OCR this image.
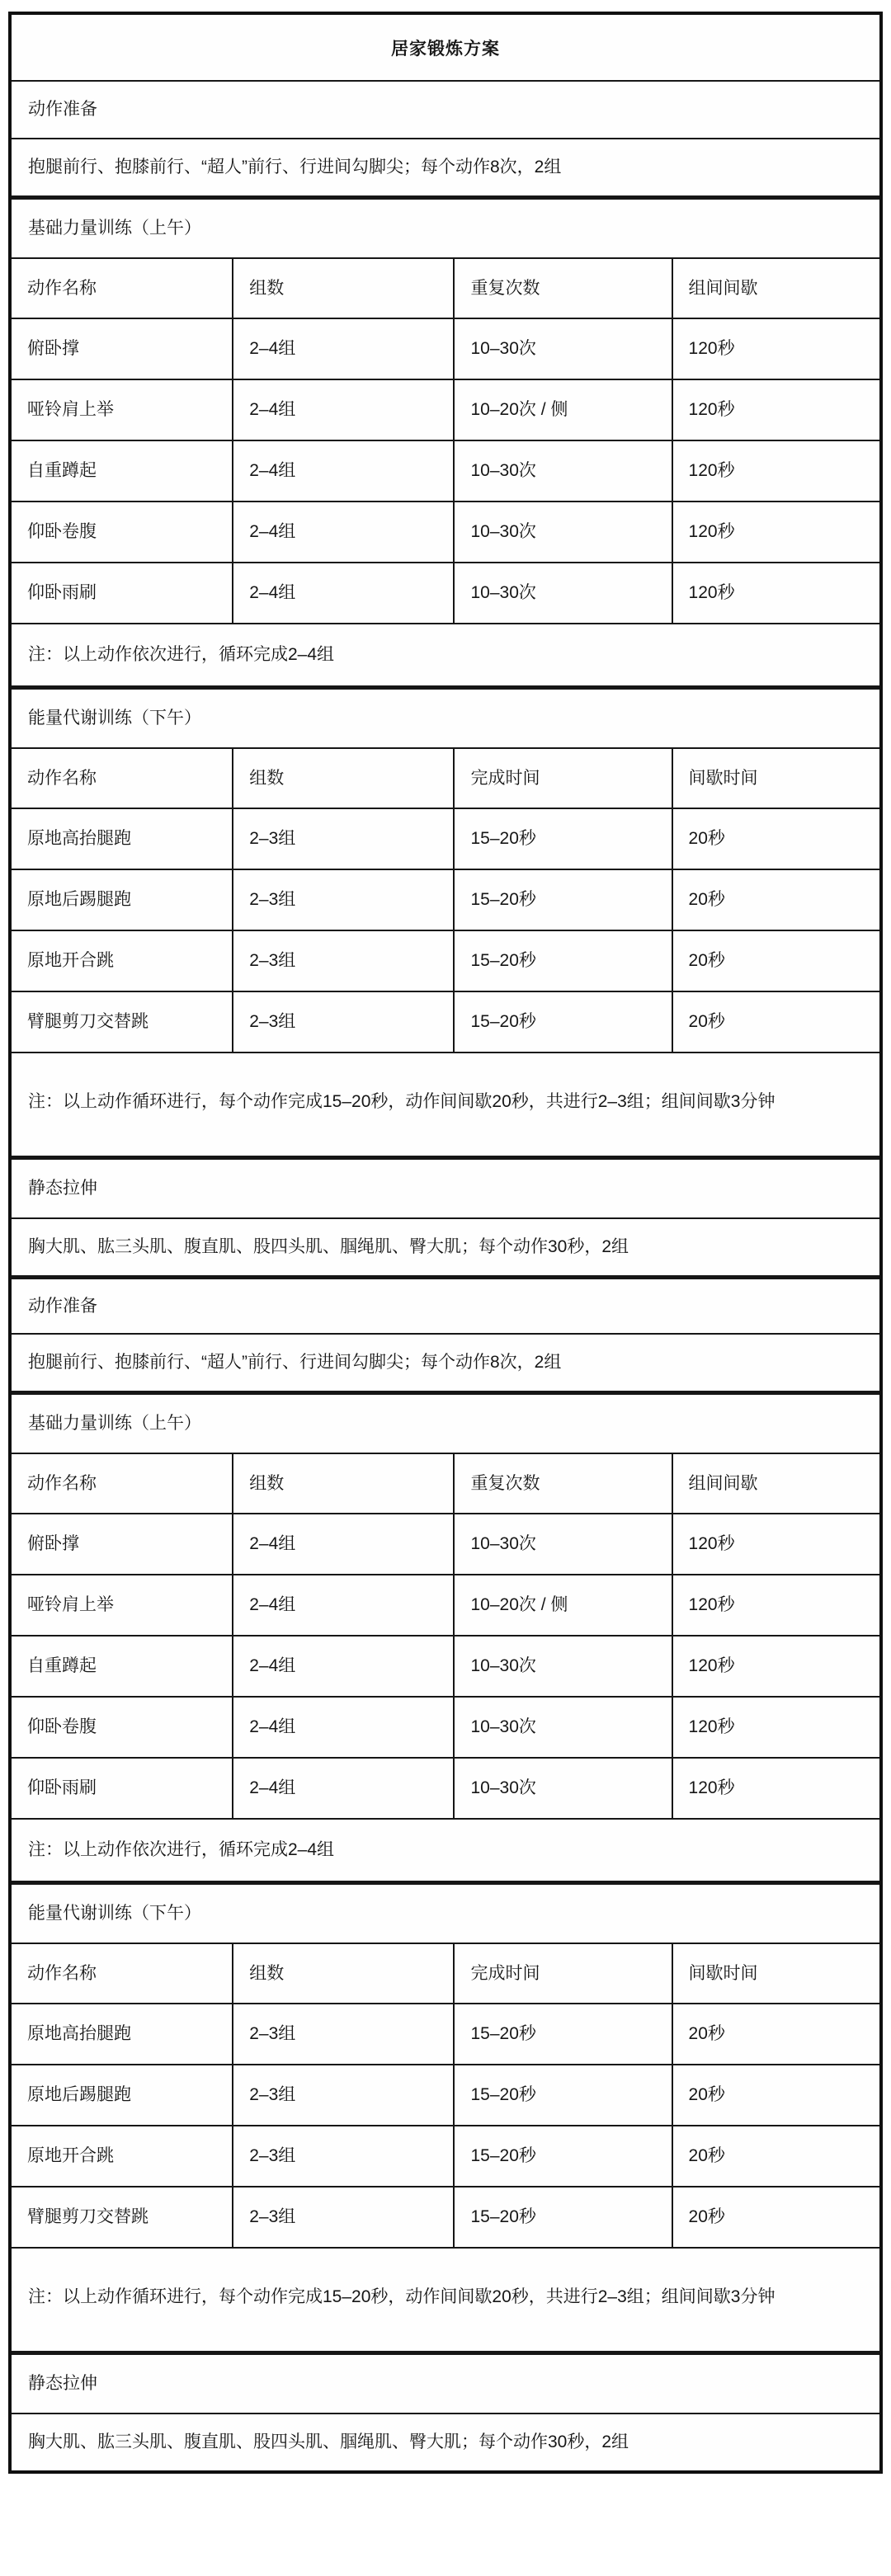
居家锻炼方案
动作准备
抱腿前行、抱膝前行、“超人”前行、行进间勾脚尖；每个动作8次，2组
基础力量训练（上午）
动作名称	组数	重复次数	组间间歇
俯卧撑	2–4组	10–30次	120秒
哑铃肩上举	2–4组	10–20次 / 侧	120秒
自重蹲起	2–4组	10–30次	120秒
仰卧卷腹	2–4组	10–30次	120秒
仰卧雨刷	2–4组	10–30次	120秒
注：以上动作依次进行，循环完成2–4组
能量代谢训练（下午）
动作名称	组数	完成时间	间歇时间
原地高抬腿跑	2–3组	15–20秒	20秒
原地后踢腿跑	2–3组	15–20秒	20秒
原地开合跳	2–3组	15–20秒	20秒
臂腿剪刀交替跳	2–3组	15–20秒	20秒
注：以上动作循环进行，每个动作完成15–20秒，动作间间歇20秒，共进行2–3组；组间间歇3分钟
静态拉伸
胸大肌、肱三头肌、腹直肌、股四头肌、腘绳肌、臀大肌；每个动作30秒，2组
动作准备
抱腿前行、抱膝前行、“超人”前行、行进间勾脚尖；每个动作8次，2组
基础力量训练（上午）
动作名称	组数	重复次数	组间间歇
俯卧撑	2–4组	10–30次	120秒
哑铃肩上举	2–4组	10–20次 / 侧	120秒
自重蹲起	2–4组	10–30次	120秒
仰卧卷腹	2–4组	10–30次	120秒
仰卧雨刷	2–4组	10–30次	120秒
注：以上动作依次进行，循环完成2–4组
能量代谢训练（下午）
动作名称	组数	完成时间	间歇时间
原地高抬腿跑	2–3组	15–20秒	20秒
原地后踢腿跑	2–3组	15–20秒	20秒
原地开合跳	2–3组	15–20秒	20秒
臂腿剪刀交替跳	2–3组	15–20秒	20秒
注：以上动作循环进行，每个动作完成15–20秒，动作间间歇20秒，共进行2–3组；组间间歇3分钟
静态拉伸
胸大肌、肱三头肌、腹直肌、股四头肌、腘绳肌、臀大肌；每个动作30秒，2组
